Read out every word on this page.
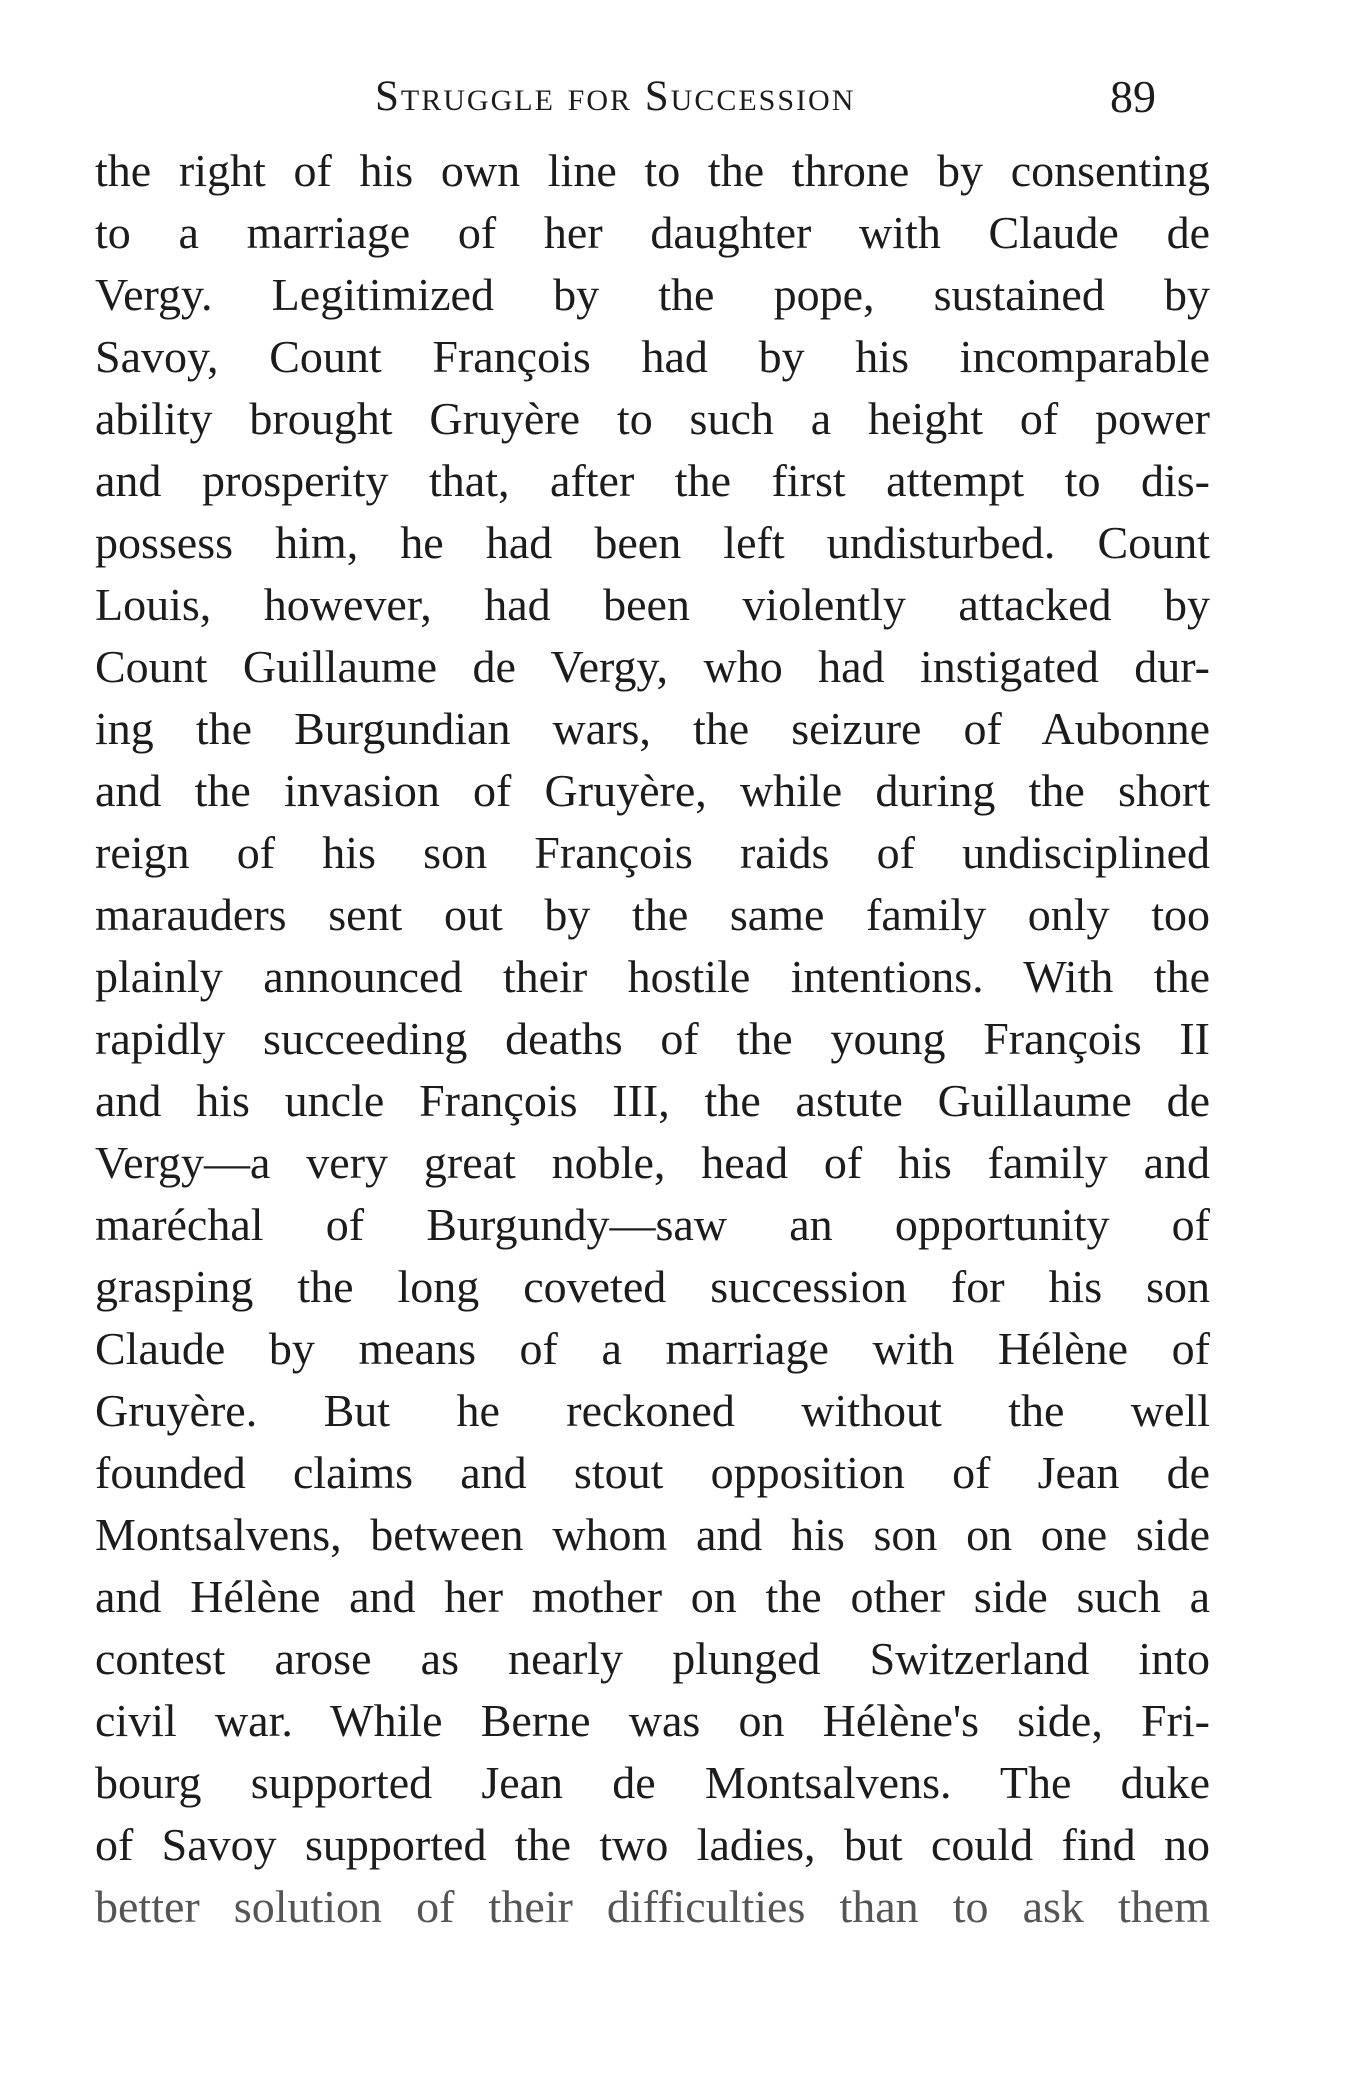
Struggle for Succession	89
the right of his own line to the throne by consenting
to a marriage of her daughter with Claude de
Vergy. Legitimized by the pope, sustained by
Savoy, Count François had by his incomparable
ability brought Gruyère to such a height of power
and prosperity that, after the first attempt to dis-
possess him, he had been left undisturbed. Count
Louis, however, had been violently attacked by
Count Guillaume de Vergy, who had instigated dur-
ing the Burgundian wars, the seizure of Aubonne
and the invasion of Gruyère, while during the short
reign of his son François raids of undisciplined
marauders sent out by the same family only too
plainly announced their hostile intentions. With the
rapidly succeeding deaths of the young François II
and his uncle François III, the astute Guillaume de
Vergy—a very great noble, head of his family and
maréchal of Burgundy—saw an opportunity of
grasping the long coveted succession for his son
Claude by means of a marriage with Hélène of
Gruyère. But he reckoned without the well
founded claims and stout opposition of Jean de
Montsalvens, between whom and his son on one side
and Hélène and her mother on the other side such a
contest arose as nearly plunged Switzerland into
civil war. While Berne was on Hélène's side, Fri-
bourg supported Jean de Montsalvens. The duke
of Savoy supported the two ladies, but could find no
better solution of their difficulties than to ask them
